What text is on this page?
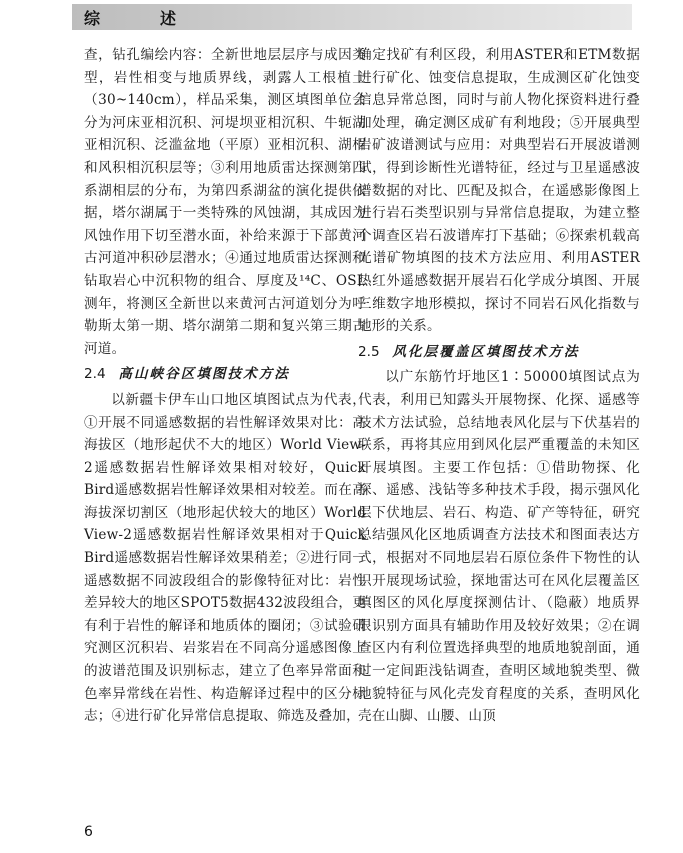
综　述

查，钻孔编绘内容：全新世地层层序与成因类型，岩性相变与地质界线，剥露人工根植土（30~140cm），样品采集，测区填图单位会分为河床亚相沉积、河堤坝亚相沉积、牛轭湖亚相沉积、泛滥盆地（平原）亚相沉积、湖相和风积相沉积层等；③利用地质雷达探测第四系湖相层的分布，为第四系湖盆的演化提供依据，塔尔湖属于一类特殊的风蚀湖，其成因为风蚀作用下切至潜水面，补给来源于下部黄河古河道冲积砂层潜水；④通过地质雷达探测和钻取岩心中沉积物的组合、厚度及¹⁴C、OSL测年，将测区全新世以来黄河古河道划分为呼勒斯太第一期、塔尔湖第二期和复兴第三期古河道。

2.4 高山峡谷区填图技术方法

以新疆卡伊车山口地区填图试点为代表，①开展不同遥感数据的岩性解译效果对比：高海拔区（地形起伏不大的地区）World View-2遥感数据岩性解译效果相对较好，Quick Bird遥感数据岩性解译效果相对较差。而在高海拔深切割区（地形起伏较大的地区）World View-2遥感数据岩性解译效果相对于Quick Bird遥感数据岩性解译效果稍差；②进行同一遥感数据不同波段组合的影像特征对比：岩性差异较大的地区SPOT5数据432波段组合，更有利于岩性的解译和地质体的圈闭；③试验研究测区沉积岩、岩浆岩在不同高分遥感图像上的波谱范围及识别标志，建立了色率异常面和色率异常线在岩性、构造解译过程中的区分标志；④进行矿化异常信息提取、筛选及叠加，

确定找矿有利区段，利用ASTER和ETM数据进行矿化、蚀变信息提取，生成测区矿化蚀变信息异常总图，同时与前人物化探资料进行叠加处理，确定测区成矿有利地段；⑤开展典型岩矿波谱测试与应用：对典型岩石开展波谱测试，得到诊断性光谱特征，经过与卫星遥感波谱数据的对比、匹配及拟合，在遥感影像图上进行岩石类型识别与异常信息提取，为建立整个调查区岩石波谱库打下基础；⑥探索机载高光谱矿物填图的技术方法应用、利用ASTER热红外遥感数据开展岩石化学成分填图、开展三维数字地形模拟，探讨不同岩石风化指数与地形的关系。

2.5 风化层覆盖区填图技术方法

以广东筋竹圩地区1∶50000填图试点为代表，利用已知露头开展物探、化探、遥感等技术方法试验，总结地表风化层与下伏基岩的联系，再将其应用到风化层严重覆盖的未知区开展填图。主要工作包括：①借助物探、化探、遥感、浅钻等多种技术手段，揭示强风化层下伏地层、岩石、构造、矿产等特征，研究总结强风化区地质调查方法技术和图面表达方式，根据对不同地层岩石原位条件下物性的认识开展现场试验，探地雷达可在风化层覆盖区填图区的风化厚度探测估计、（隐蔽）地质界限识别方面具有辅助作用及较好效果；②在调查区内有利位置选择典型的地质地貌剖面，通过一定间距浅钻调查，查明区域地貌类型、微地貌特征与风化壳发育程度的关系，查明风化壳在山脚、山腰、山顶

6
